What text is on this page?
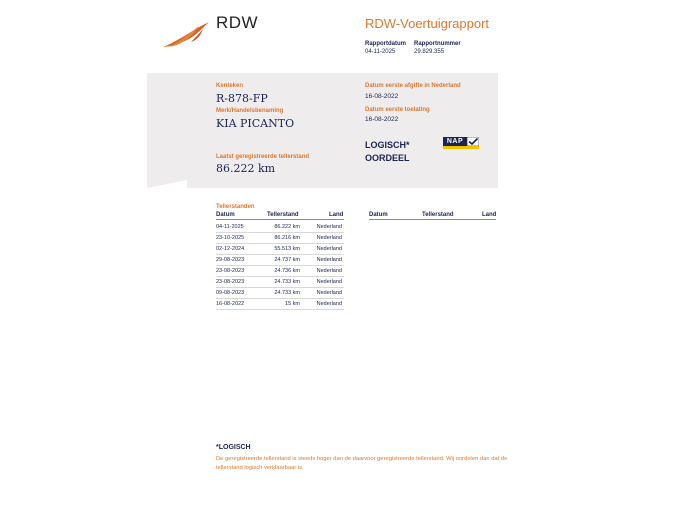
RDW	RDW-Voertuigrapport
Rapportdatum Rapportnummer
04-11-2025	29.829.355
Kenteken
R-878-FP
Merk/Handelsbenaming
KIA PICANTO
Laatst geregistreerde tellerstand
86.222 km
Datum eerste afgifte in Nederland
16-08-2022
Datum eerste toelating
16-08-2022
LOGISCH*
OORDEEL
NAP
Tellerstanden
Datum	Tellerstand	Land	Datum	Tellerstand	Land
04-11-2025	86.222 km	Nederland
23-10-2025	86.216 km	Nederland
02-12-2024	55.513 km	Nederland
29-08-2023	24.737 km	Nederland
23-08-2023	24.736 km	Nederland
23-08-2023	24.733 km	Nederland
09-08-2023	24.733 km	Nederland
16-08-2022	15 km	Nederland
*LOGISCH
De geregistreerde tellerstand is steeds hoger dan de daarvoor geregistreerde tellerstand. Wij oordelen dan dat de tellerstand logisch verklaarbaar is.
